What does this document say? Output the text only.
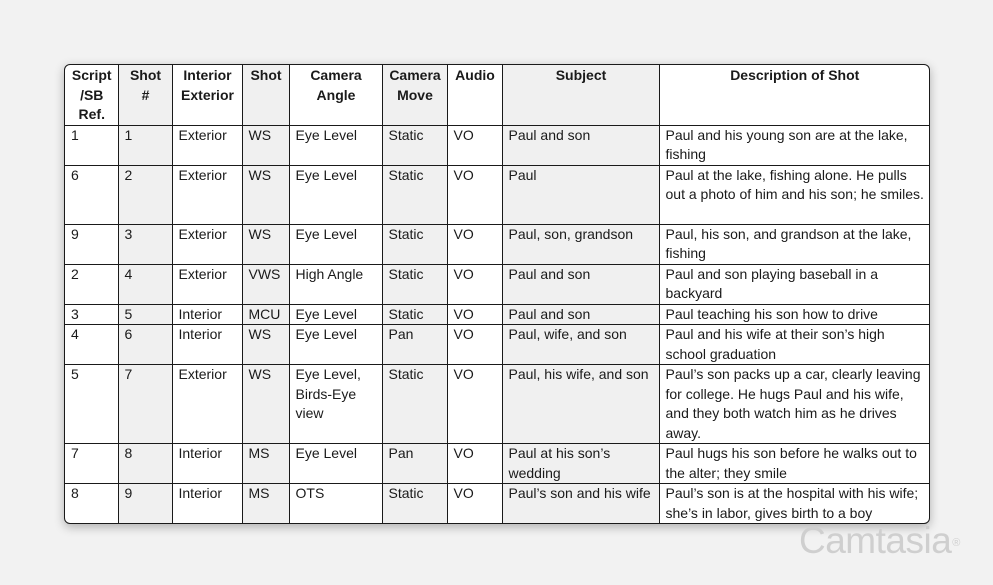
Script /SB Ref.	Shot #	Interior Exterior	Shot	Camera Angle	Camera Move	Audio	Subject	Description of Shot
1	1	Exterior	WS	Eye Level	Static	VO	Paul and son	Paul and his young son are at the lake, fishing
6	2	Exterior	WS	Eye Level	Static	VO	Paul	Paul at the lake, fishing alone. He pulls out a photo of him and his son; he smiles.
9	3	Exterior	WS	Eye Level	Static	VO	Paul, son, grandson	Paul, his son, and grandson at the lake, fishing
2	4	Exterior	VWS	High Angle	Static	VO	Paul and son	Paul and son playing baseball in a backyard
3	5	Interior	MCU	Eye Level	Static	VO	Paul and son	Paul teaching his son how to drive
4	6	Interior	WS	Eye Level	Pan	VO	Paul, wife, and son	Paul and his wife at their son’s high school graduation
5	7	Exterior	WS	Eye Level, Birds-Eye view	Static	VO	Paul, his wife, and son	Paul’s son packs up a car, clearly leaving for college. He hugs Paul and his wife, and they both watch him as he drives away.
7	8	Interior	MS	Eye Level	Pan	VO	Paul at his son’s wedding	Paul hugs his son before he walks out to the alter; they smile
8	9	Interior	MS	OTS	Static	VO	Paul’s son and his wife	Paul’s son is at the hospital with his wife; she’s in labor, gives birth to a boy
Camtasia®
